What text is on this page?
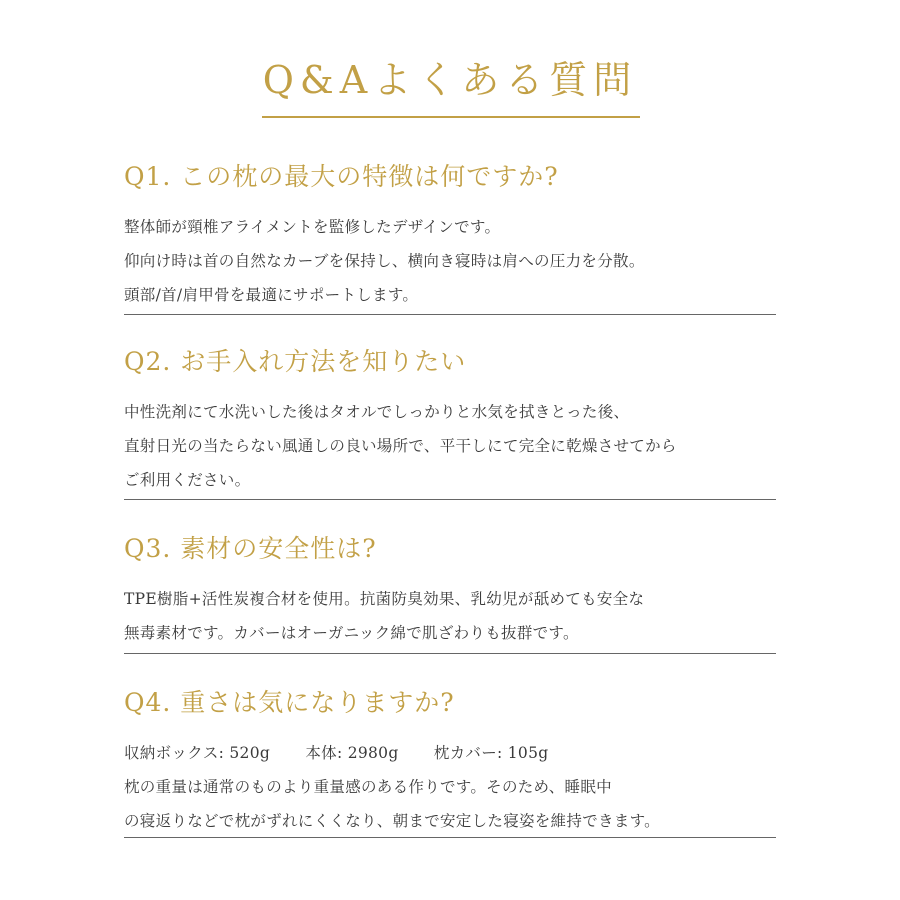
Q&Aよくある質問
Q1. この枕の最大の特徴は何ですか?
整体師が頸椎アライメントを監修したデザインです。
仰向け時は首の自然なカーブを保持し、横向き寝時は肩への圧力を分散。
頭部/首/肩甲骨を最適にサポートします。
Q2. お手入れ方法を知りたい
中性洗剤にて水洗いした後はタオルでしっかりと水気を拭きとった後、
直射日光の当たらない風通しの良い場所で、平干しにて完全に乾燥させてから
ご利用ください。
Q3. 素材の安全性は?
TPE樹脂+活性炭複合材を使用。抗菌防臭効果、乳幼児が舐めても安全な
無毒素材です。カバーはオーガニック綿で肌ざわりも抜群です。
Q4. 重さは気になりますか?
収納ボックス: 520g 本体: 2980g 枕カバー: 105g
枕の重量は通常のものより重量感のある作りです。そのため、睡眠中
の寝返りなどで枕がずれにくくなり、朝まで安定した寝姿を維持できます。
